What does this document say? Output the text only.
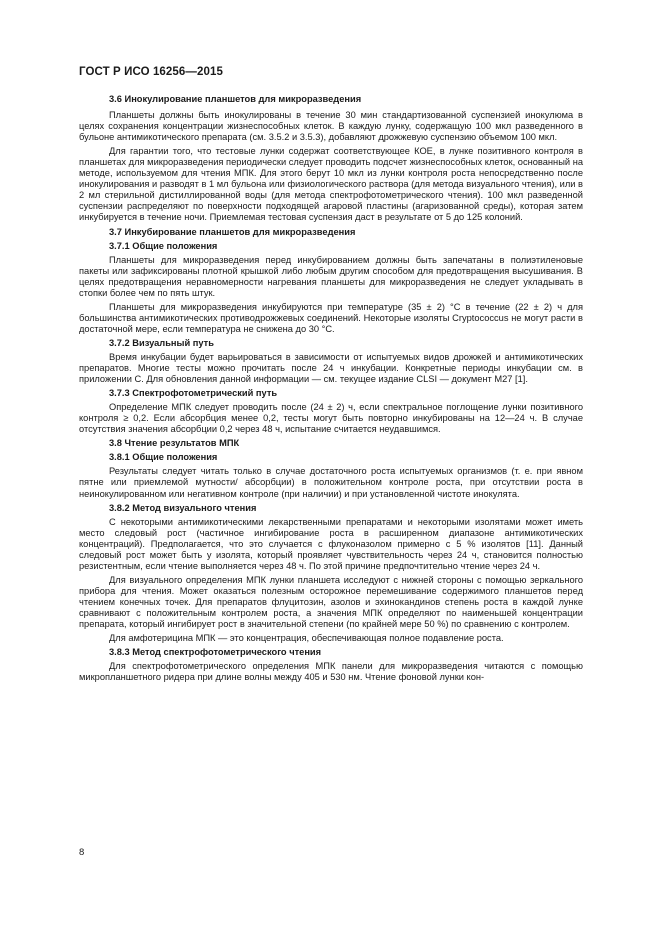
ГОСТ Р ИСО 16256—2015
3.6 Инокулирование планшетов для микроразведения
Планшеты должны быть инокулированы в течение 30 мин стандартизованной суспензией инокулюма в целях сохранения концентрации жизнеспособных клеток. В каждую лунку, содержащую 100 мкл разведенного в бульоне антимикотического препарата (см. 3.5.2 и 3.5.3), добавляют дрожжевую суспензию объемом 100 мкл.
Для гарантии того, что тестовые лунки содержат соответствующее КОЕ, в лунке позитивного контроля в планшетах для микроразведения периодически следует проводить подсчет жизнеспособных клеток, основанный на методе, используемом для чтения МПК. Для этого берут 10 мкл из лунки контроля роста непосредственно после инокулирования и разводят в 1 мл бульона или физиологического раствора (для метода визуального чтения), или в 2 мл стерильной дистиллированной воды (для метода спектрофотометрического чтения). 100 мкл разведенной суспензии распределяют по поверхности подходящей агаровой пластины (агаризованной среды), которая затем инкубируется в течение ночи. Приемлемая тестовая суспензия даст в результате от 5 до 125 колоний.
3.7 Инкубирование планшетов для микроразведения
3.7.1 Общие положения
Планшеты для микроразведения перед инкубированием должны быть запечатаны в полиэтиленовые пакеты или зафиксированы плотной крышкой либо любым другим способом для предотвращения высушивания. В целях предотвращения неравномерности нагревания планшеты для микроразведения не следует укладывать в стопки более чем по пять штук.
Планшеты для микроразведения инкубируются при температуре (35 ± 2) °С в течение (22 ± 2) ч для большинства антимикотических противодрожжевых соединений. Некоторые изоляты Cryptococcus не могут расти в достаточной мере, если температура не снижена до 30 °С.
3.7.2 Визуальный путь
Время инкубации будет варьироваться в зависимости от испытуемых видов дрожжей и антимикотических препаратов. Многие тесты можно прочитать после 24 ч инкубации. Конкретные периоды инкубации см. в приложении С. Для обновления данной информации — см. текущее издание CLSI — документ M27 [1].
3.7.3 Спектрофотометрический путь
Определение МПК следует проводить после (24 ± 2) ч, если спектральное поглощение лунки позитивного контроля ≥ 0,2. Если абсорбция менее 0,2, тесты могут быть повторно инкубированы на 12—24 ч. В случае отсутствия значения абсорбции 0,2 через 48 ч, испытание считается неудавшимся.
3.8 Чтение результатов МПК
3.8.1 Общие положения
Результаты следует читать только в случае достаточного роста испытуемых организмов (т. е. при явном пятне или приемлемой мутности/ абсорбции) в положительном контроле роста, при отсутствии роста в неинокулированном или негативном контроле (при наличии) и при установленной чистоте инокулята.
3.8.2 Метод визуального чтения
С некоторыми антимикотическими лекарственными препаратами и некоторыми изолятами может иметь место следовый рост (частичное ингибирование роста в расширенном диапазоне антимикотических концентраций). Предполагается, что это случается с флуконазолом примерно с 5 % изолятов [11]. Данный следовый рост может быть у изолята, который проявляет чувствительность через 24 ч, становится полностью резистентным, если чтение выполняется через 48 ч. По этой причине предпочтительно чтение через 24 ч.
Для визуального определения МПК лунки планшета исследуют с нижней стороны с помощью зеркального прибора для чтения. Может оказаться полезным осторожное перемешивание содержимого планшетов перед чтением конечных точек. Для препаратов флуцитозин, азолов и эхинокандинов степень роста в каждой лунке сравнивают с положительным контролем роста, а значения МПК определяют по наименьшей концентрации препарата, который ингибирует рост в значительной степени (по крайней мере 50 %) по сравнению с контролем.
Для амфотерицина МПК — это концентрация, обеспечивающая полное подавление роста.
3.8.3 Метод спектрофотометрического чтения
Для спектрофотометрического определения МПК панели для микроразведения читаются с помощью микропланшетного ридера при длине волны между 405 и 530 нм. Чтение фоновой лунки кон-
8
